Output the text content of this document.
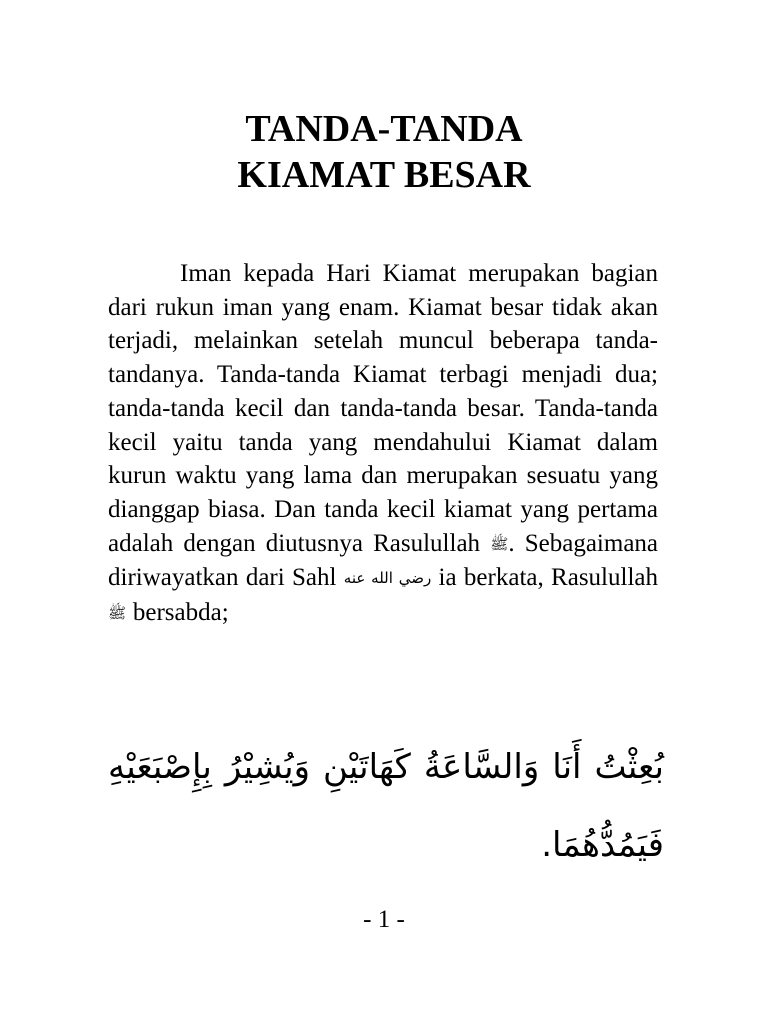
TANDA-TANDA
KIAMAT BESAR

Iman kepada Hari Kiamat merupakan bagian dari rukun iman yang enam. Kiamat besar tidak akan terjadi, melainkan setelah muncul beberapa tanda-tandanya. Tanda-tanda Kiamat terbagi menjadi dua; tanda-tanda kecil dan tanda-tanda besar. Tanda-tanda kecil yaitu tanda yang mendahului Kiamat dalam kurun waktu yang lama dan merupakan sesuatu yang dianggap biasa. Dan tanda kecil kiamat yang pertama adalah dengan diutusnya Rasulullah ﷺ. Sebagaimana diriwayatkan dari Sahl رضي الله عنه ia berkata, Rasulullah ﷺ bersabda;

بُعِثْتُ أَنَا وَالسَّاعَةُ كَهَاتَيْنِ وَيُشِيْرُ بِإِصْبَعَيْهِ فَيَمُدُّهُمَا.

- 1 -
